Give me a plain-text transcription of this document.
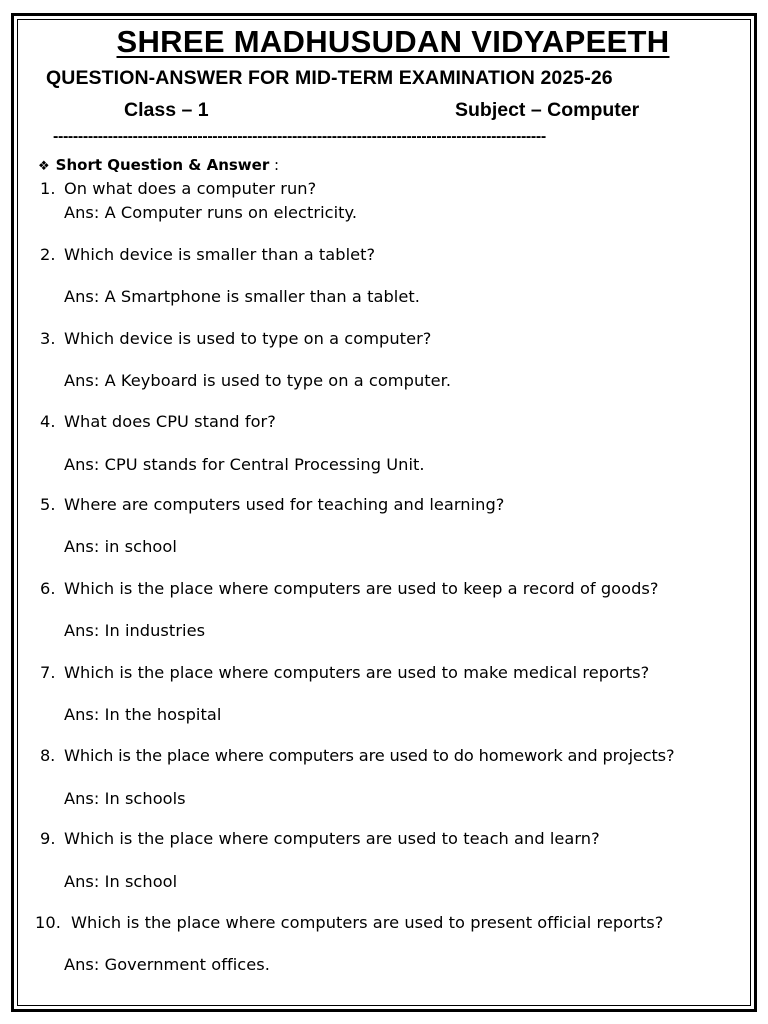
SHREE MADHUSUDAN VIDYAPEETH
QUESTION-ANSWER FOR MID-TERM EXAMINATION 2025-26
Class – 1	Subject – Computer
---------------------------------------------------------------------------------------------------
❖ Short Question & Answer :
1. On what does a computer run?
Ans: A Computer runs on electricity.
2. Which device is smaller than a tablet?
Ans: A Smartphone is smaller than a tablet.
3. Which device is used to type on a computer?
Ans: A Keyboard is used to type on a computer.
4. What does CPU stand for?
Ans: CPU stands for Central Processing Unit.
5. Where are computers used for teaching and learning?
Ans: in school
6. Which is the place where computers are used to keep a record of goods?
Ans: In industries
7. Which is the place where computers are used to make medical reports?
Ans: In the hospital
8. Which is the place where computers are used to do homework and projects?
Ans: In schools
9. Which is the place where computers are used to teach and learn?
Ans: In school
10. Which is the place where computers are used to present official reports?
Ans: Government offices.
